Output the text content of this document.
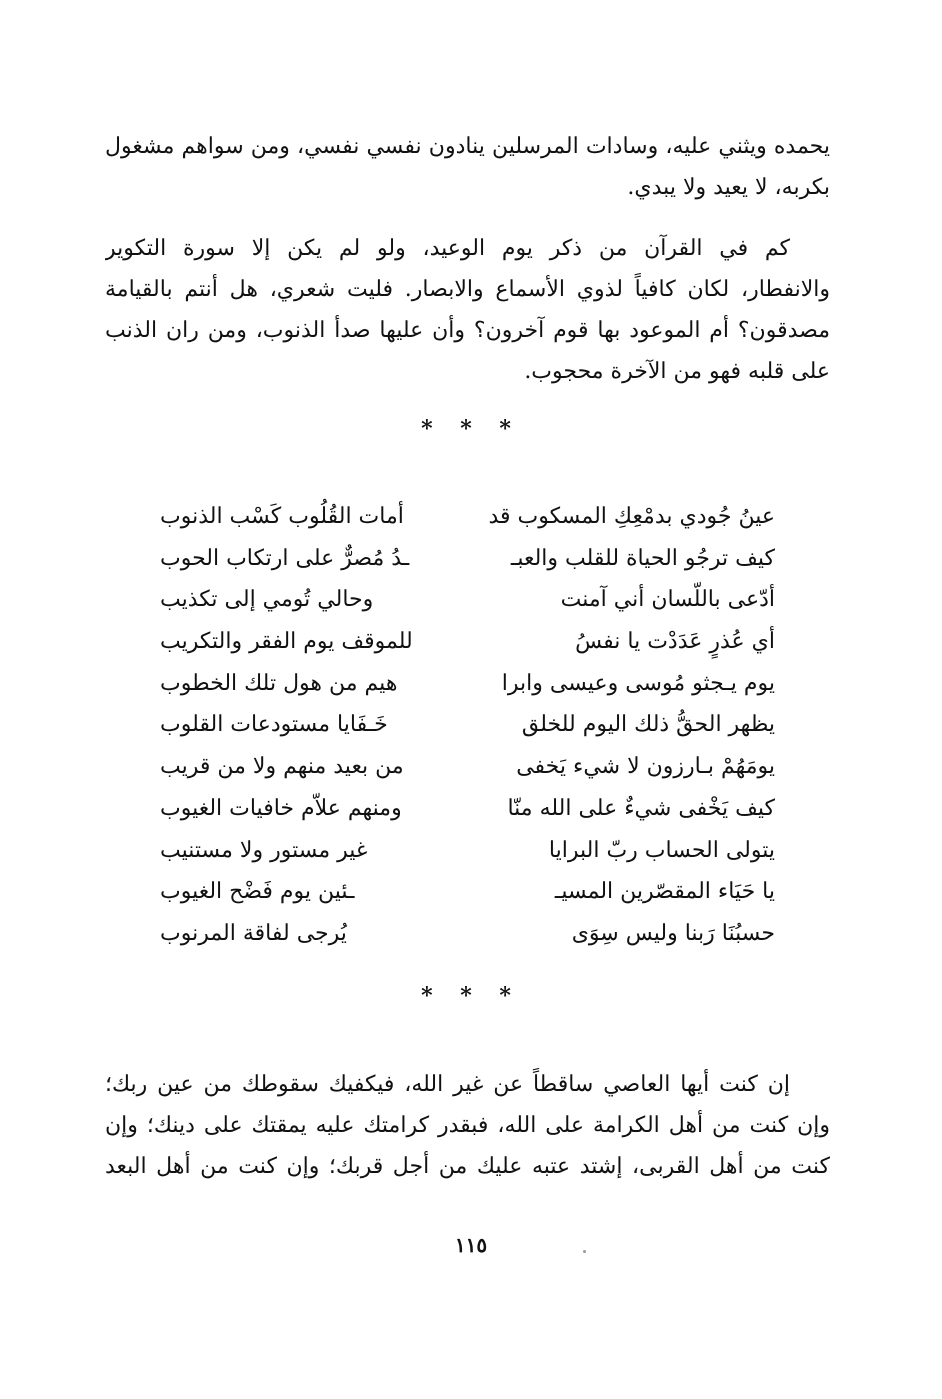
يحمده ويثني عليه، وسادات المرسلين ينادون نفسي نفسي، ومن سواهم مشغول
بكربه، لا يعيد ولا يبدي.

كم في القرآن من ذكر يوم الوعيد، ولو لم يكن إلا سورة التكوير
والانفطار، لكان كافياً لذوي الأسماع والابصار. فليت شعري، هل أنتم بالقيامة
مصدقون؟ أم الموعود بها قوم آخرون؟ وأن عليها صدأ الذنوب، ومن ران الذنب
على قلبه فهو من الآخرة محجوب.

* * *
عينُ جُودي بدمْعِكِ المسكوب قد
أمات القُلُوب كَسْب الذنوب
كيف ترجُو الحياة للقلب والعبـ
ـدُ مُصرٌّ على ارتكاب الحوب
أدّعى باللّسان أني آمنت
وحالي تُومي إلى تكذيب
أي عُذرٍ عَدَدْت يا نفسُ
للموقف يوم الفقر والتكريب
يوم يـجثو مُوسى وعيسى وابرا
هيم من هول تلك الخطوب
يظهر الحقُّ ذلك اليوم للخلق
خَـفَايا مستودعات القلوب
يومَهُمْ بـارزون لا شيء يَخفى
من بعيد منهم ولا من قريب
كيف يَخْفى شيءٌ على الله منّا
ومنهم علاّم خافيات الغيوب
يتولى الحساب ربّ البرايا
غير مستور ولا مستنيب
يا حَيَاء المقصّرين المسيـ
ـئين يوم فَضْح الغيوب
حسبُنَا رَبنا وليس سِوَى
يُرجى لفاقة المرنوب
* * *

إن كنت أيها العاصي ساقطاً عن غير الله، فيكفيك سقوطك من عين ربك؛
وإن كنت من أهل الكرامة على الله، فبقدر كرامتك عليه يمقتك على دينك؛ وإن
كنت من أهل القربى، إشتد عتبه عليك من أجل قربك؛ وإن كنت من أهل البعد

١١٥
